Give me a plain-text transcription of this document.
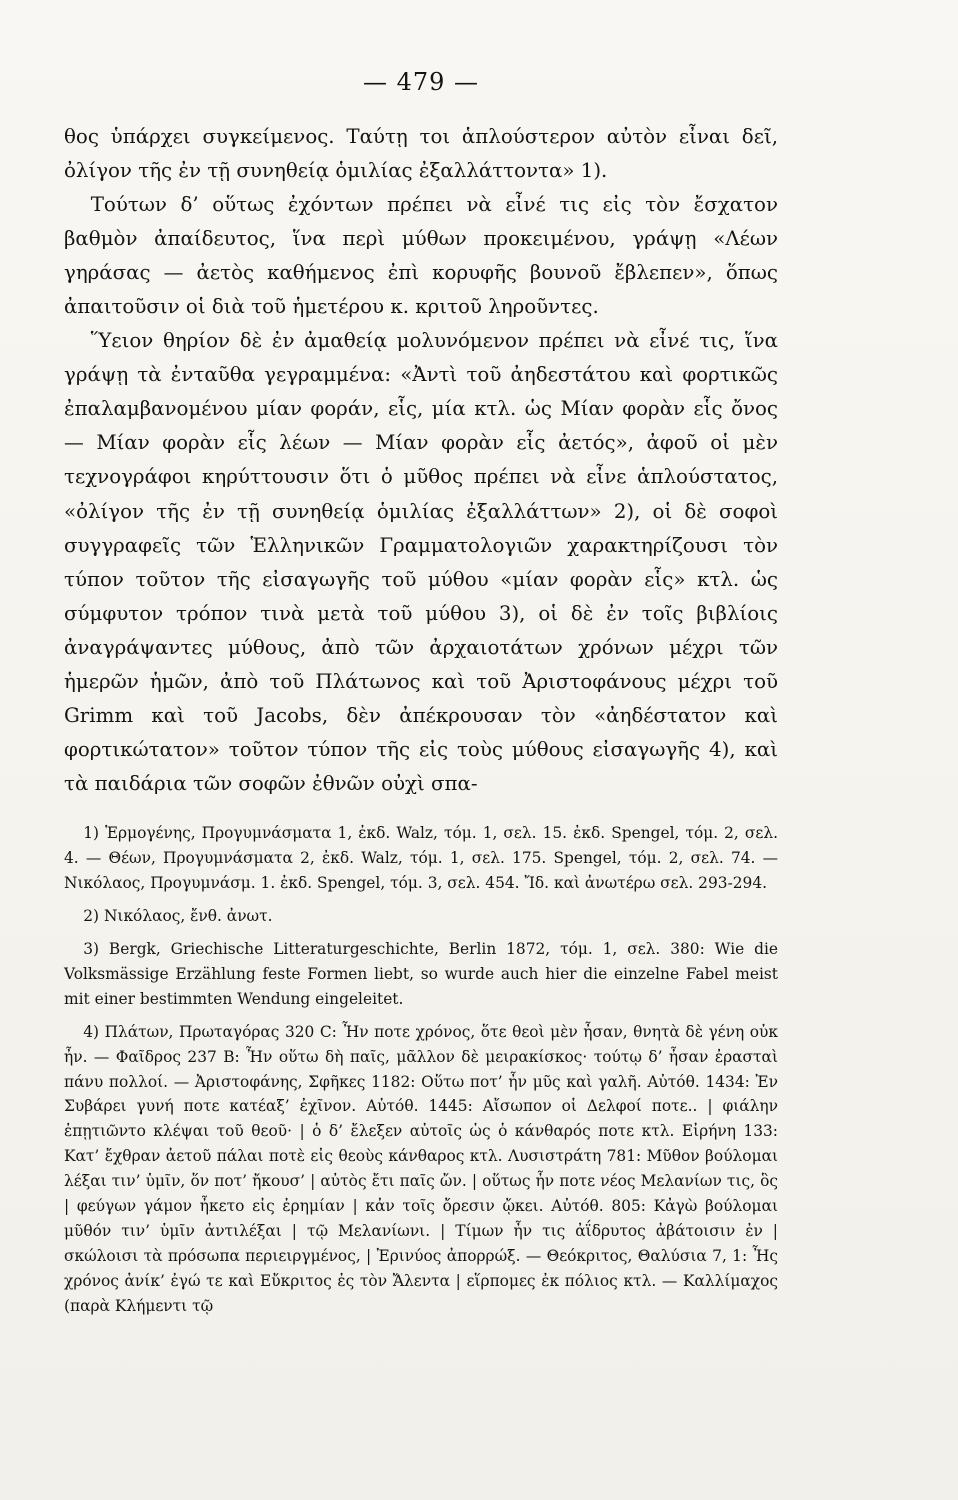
— 479 —

θος ὑπάρχει συγκείμενος. Ταύτῃ τοι ἁπλούστερον αὐτὸν εἶναι δεῖ, ὀλίγον τῆς ἐν τῇ συνηθείᾳ ὁμιλίας ἐξαλλάττοντα» 1).

Τούτων δ’ οὕτως ἐχόντων πρέπει νὰ εἶνέ τις εἰς τὸν ἔσχατον βαθμὸν ἀπαίδευτος, ἵνα περὶ μύθων προκειμένου, γράψῃ «Λέων γηράσας — ἀετὸς καθήμενος ἐπὶ κορυφῆς βουνοῦ ἔβλεπεν», ὅπως ἀπαιτοῦσιν οἱ διὰ τοῦ ἡμετέρου κ. κριτοῦ ληροῦντες.

Ὕειον θηρίον δὲ ἐν ἀμαθείᾳ μολυνόμενον πρέπει νὰ εἶνέ τις, ἵνα γράψῃ τὰ ἐνταῦθα γεγραμμένα: «Ἀντὶ τοῦ ἀηδεστάτου καὶ φορτικῶς ἐπαλαμβανομένου μίαν φοράν, εἷς, μία κτλ. ὡς Μίαν φορὰν εἷς ὄνος — Μίαν φορὰν εἷς λέων — Μίαν φορὰν εἷς ἀετός», ἀφοῦ οἱ μὲν τεχνογράφοι κηρύττουσιν ὅτι ὁ μῦθος πρέπει νὰ εἶνε ἁπλούστατος, «ὀλίγον τῆς ἐν τῇ συνηθείᾳ ὁμιλίας ἐξαλλάττων» 2), οἱ δὲ σοφοὶ συγγραφεῖς τῶν Ἑλληνικῶν Γραμματολογιῶν χαρακτηρίζουσι τὸν τύπον τοῦτον τῆς εἰσαγωγῆς τοῦ μύθου «μίαν φορὰν εἷς» κτλ. ὡς σύμφυτον τρόπον τινὰ μετὰ τοῦ μύθου 3), οἱ δὲ ἐν τοῖς βιβλίοις ἀναγράψαντες μύθους, ἀπὸ τῶν ἀρχαιοτάτων χρόνων μέχρι τῶν ἡμερῶν ἡμῶν, ἀπὸ τοῦ Πλάτωνος καὶ τοῦ Ἀριστοφάνους μέχρι τοῦ Grimm καὶ τοῦ Jacobs, δὲν ἀπέκρουσαν τὸν «ἀηδέστατον καὶ φορτικώτατον» τοῦτον τύπον τῆς εἰς τοὺς μύθους εἰσαγωγῆς 4), καὶ τὰ παιδάρια τῶν σοφῶν ἐθνῶν οὐχὶ σπα-

1) Ἑρμογένης, Προγυμνάσματα 1, ἐκδ. Walz, τόμ. 1, σελ. 15. ἐκδ. Spengel, τόμ. 2, σελ. 4. — Θέων, Προγυμνάσματα 2, ἐκδ. Walz, τόμ. 1, σελ. 175. Spengel, τόμ. 2, σελ. 74. — Νικόλαος, Προγυμνάσμ. 1. ἐκδ. Spengel, τόμ. 3, σελ. 454. Ἴδ. καὶ ἀνωτέρω σελ. 293-294.

2) Νικόλαος, ἔνθ. ἀνωτ.

3) Bergk, Griechische Litteraturgeschichte, Berlin 1872, τόμ. 1, σελ. 380: Wie die Volksmässige Erzählung feste Formen liebt, so wurde auch hier die einzelne Fabel meist mit einer bestimmten Wendung eingeleitet.

4) Πλάτων, Πρωταγόρας 320 C: Ἦν ποτε χρόνος, ὅτε θεοὶ μὲν ἦσαν, θνητὰ δὲ γένη οὐκ ἦν. — Φαῖδρος 237 B: Ἦν οὕτω δὴ παῖς, μᾶλλον δὲ μειρακίσκος· τούτῳ δ’ ἦσαν ἐρασταὶ πάνυ πολλοί. — Ἀριστοφάνης, Σφῆκες 1182: Οὕτω ποτ’ ἦν μῦς καὶ γαλῆ. Αὐτόθ. 1434: Ἐν Συβάρει γυνή ποτε κατέαξ’ ἐχῖνον. Αὐτόθ. 1445: Αἴσωπον οἱ Δελφοί ποτε.. | φιάλην ἐπῃτιῶντο κλέψαι τοῦ θεοῦ· | ὁ δ’ ἔλεξεν αὐτοῖς ὡς ὁ κάνθαρός ποτε κτλ. Εἰρήνη 133: Κατ’ ἔχθραν ἀετοῦ πάλαι ποτὲ εἰς θεοὺς κάνθαρος κτλ. Λυσιστράτη 781: Μῦθον βούλομαι λέξαι τιν’ ὑμῖν, ὅν ποτ’ ἤκουσ’ | αὐτὸς ἔτι παῖς ὤν. | οὕτως ἦν ποτε νέος Μελανίων τις, ὃς | φεύγων γάμον ἦκετο εἰς ἐρημίαν | κἀν τοῖς ὄρεσιν ᾤκει. Αὐτόθ. 805: Κἀγὼ βούλομαι μῦθόν τιν’ ὑμῖν ἀντιλέξαι | τῷ Μελανίωνι. | Τίμων ἦν τις ἀΐδρυτος ἀβάτοισιν ἐν | σκώλοισι τὰ πρόσωπα περιειργμένος, | Ἐρινύος ἀπορρώξ. — Θεόκριτος, Θαλύσια 7, 1: Ἦς χρόνος ἁνίκ’ ἐγώ τε καὶ Εὔκριτος ἐς τὸν Ἄλεντα | εἵρπομες ἐκ πόλιος κτλ. — Καλλίμαχος (παρὰ Κλήμεντι τῷ
